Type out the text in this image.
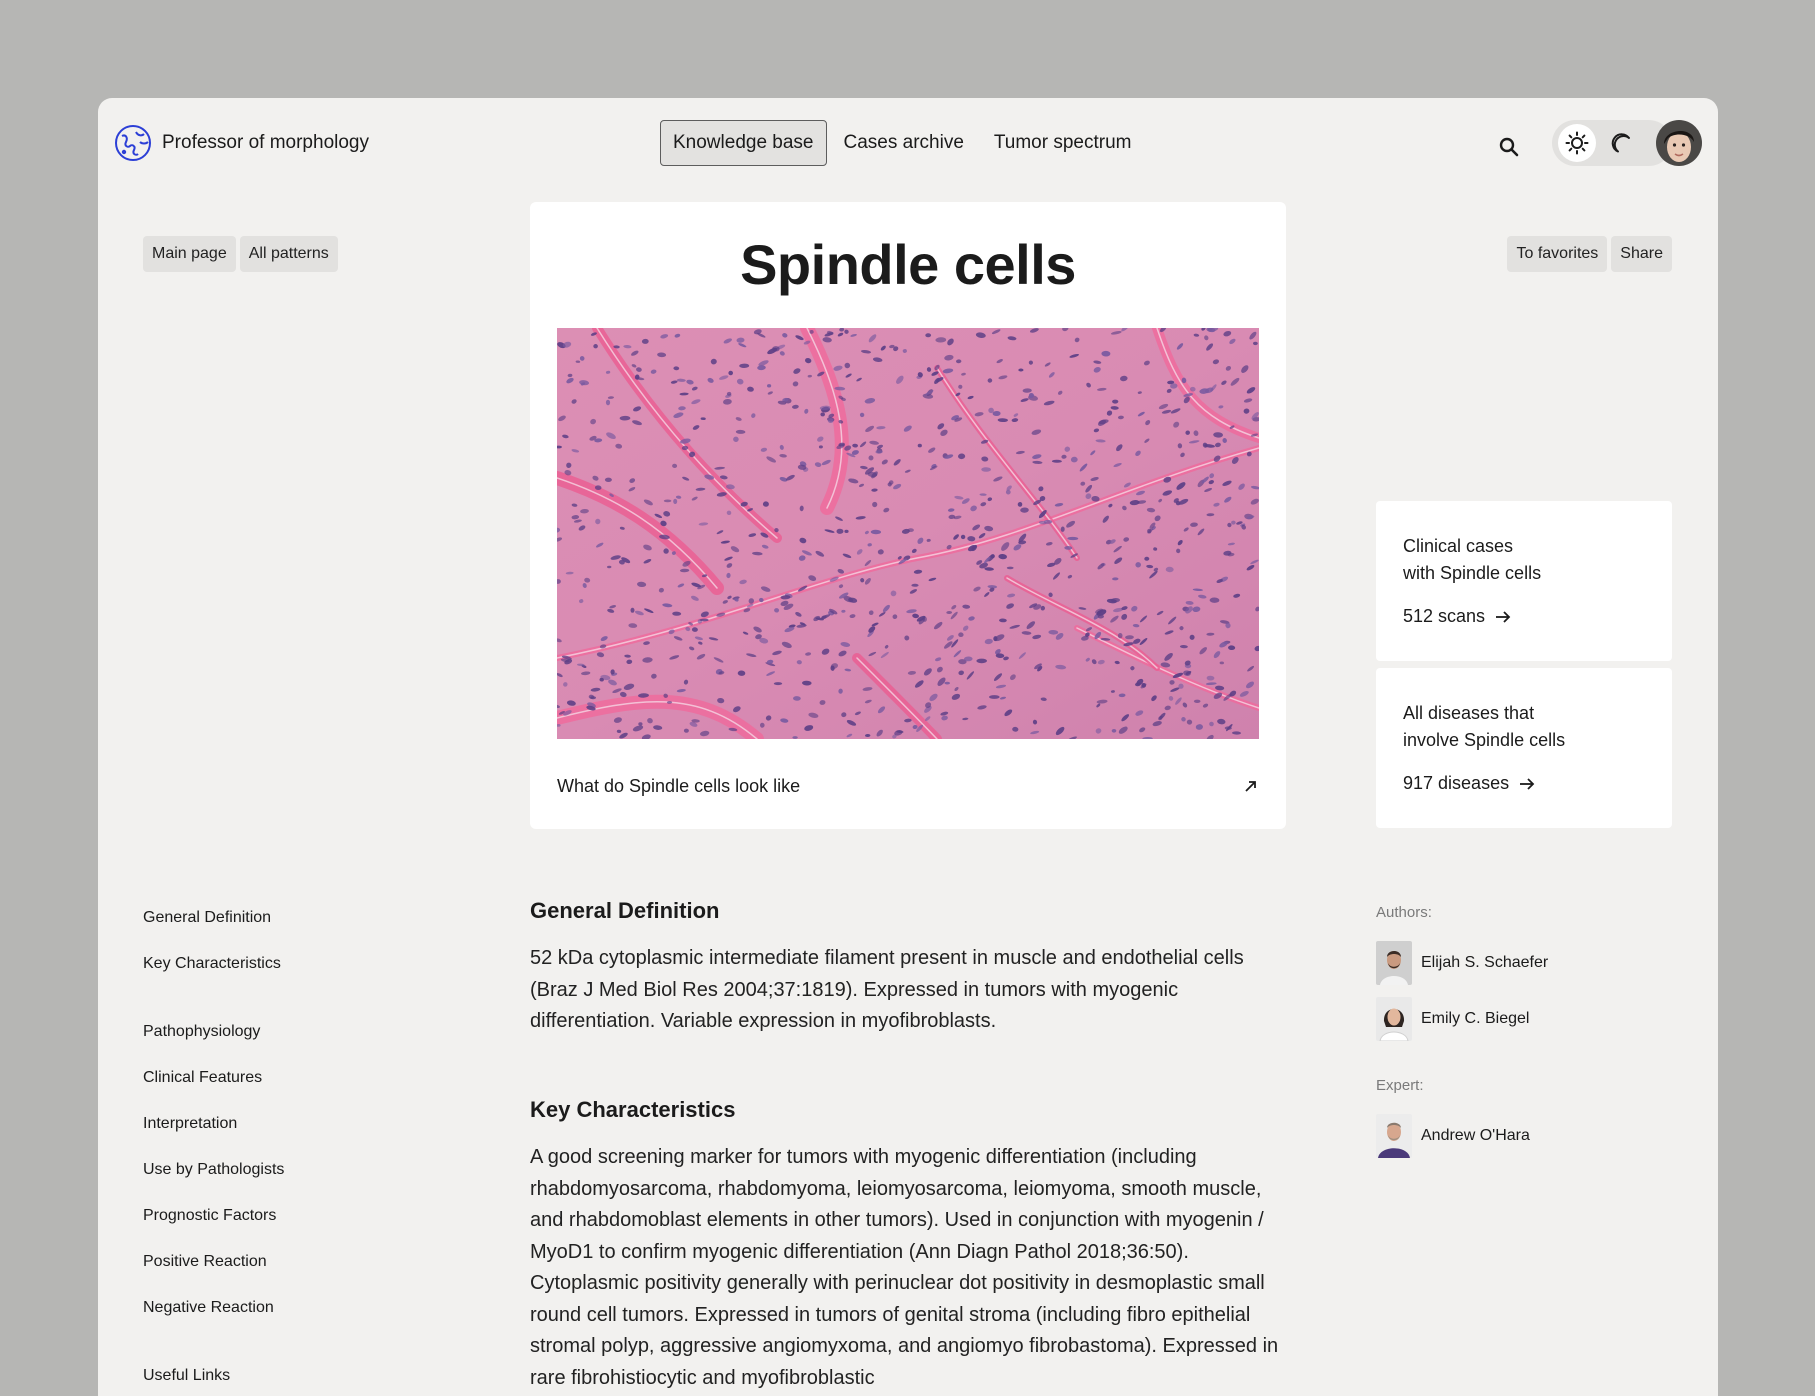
Professor of morphology	Knowledge base	Cases archive	Tumor spectrum
Main page	All patterns	To favorites	Share
Spindle cells
What do Spindle cells look like
Clinical cases
with Spindle cells
512 scans
All diseases that
involve Spindle cells
917 diseases
General Definition
Key Characteristics
Pathophysiology
Clinical Features
Interpretation
Use by Pathologists
Prognostic Factors
Positive Reaction
Negative Reaction
Useful Links
General Definition

52 kDa cytoplasmic intermediate filament present in muscle and endothelial cells (Braz J Med Biol Res 2004;37:1819). Expressed in tumors with myogenic differentiation. Variable expression in myofibroblasts.

Key Characteristics

A good screening marker for tumors with myogenic differentiation (including rhabdomyosarcoma, rhabdomyoma, leiomyosarcoma, leiomyoma, smooth muscle, and rhabdomoblast elements in other tumors). Used in conjunction with myogenin / MyoD1 to confirm myogenic differentiation (Ann Diagn Pathol 2018;36:50). Cytoplasmic positivity generally with perinuclear dot positivity in desmoplastic small round cell tumors. Expressed in tumors of genital stroma (including fibro epithelial stromal polyp, aggressive angiomyxoma, and angiomyo fibrobastoma). Expressed in rare fibrohistiocytic and myofibroblastic

Authors:
Elijah S. Schaefer
Emily C. Biegel
Expert:
Andrew O'Hara
